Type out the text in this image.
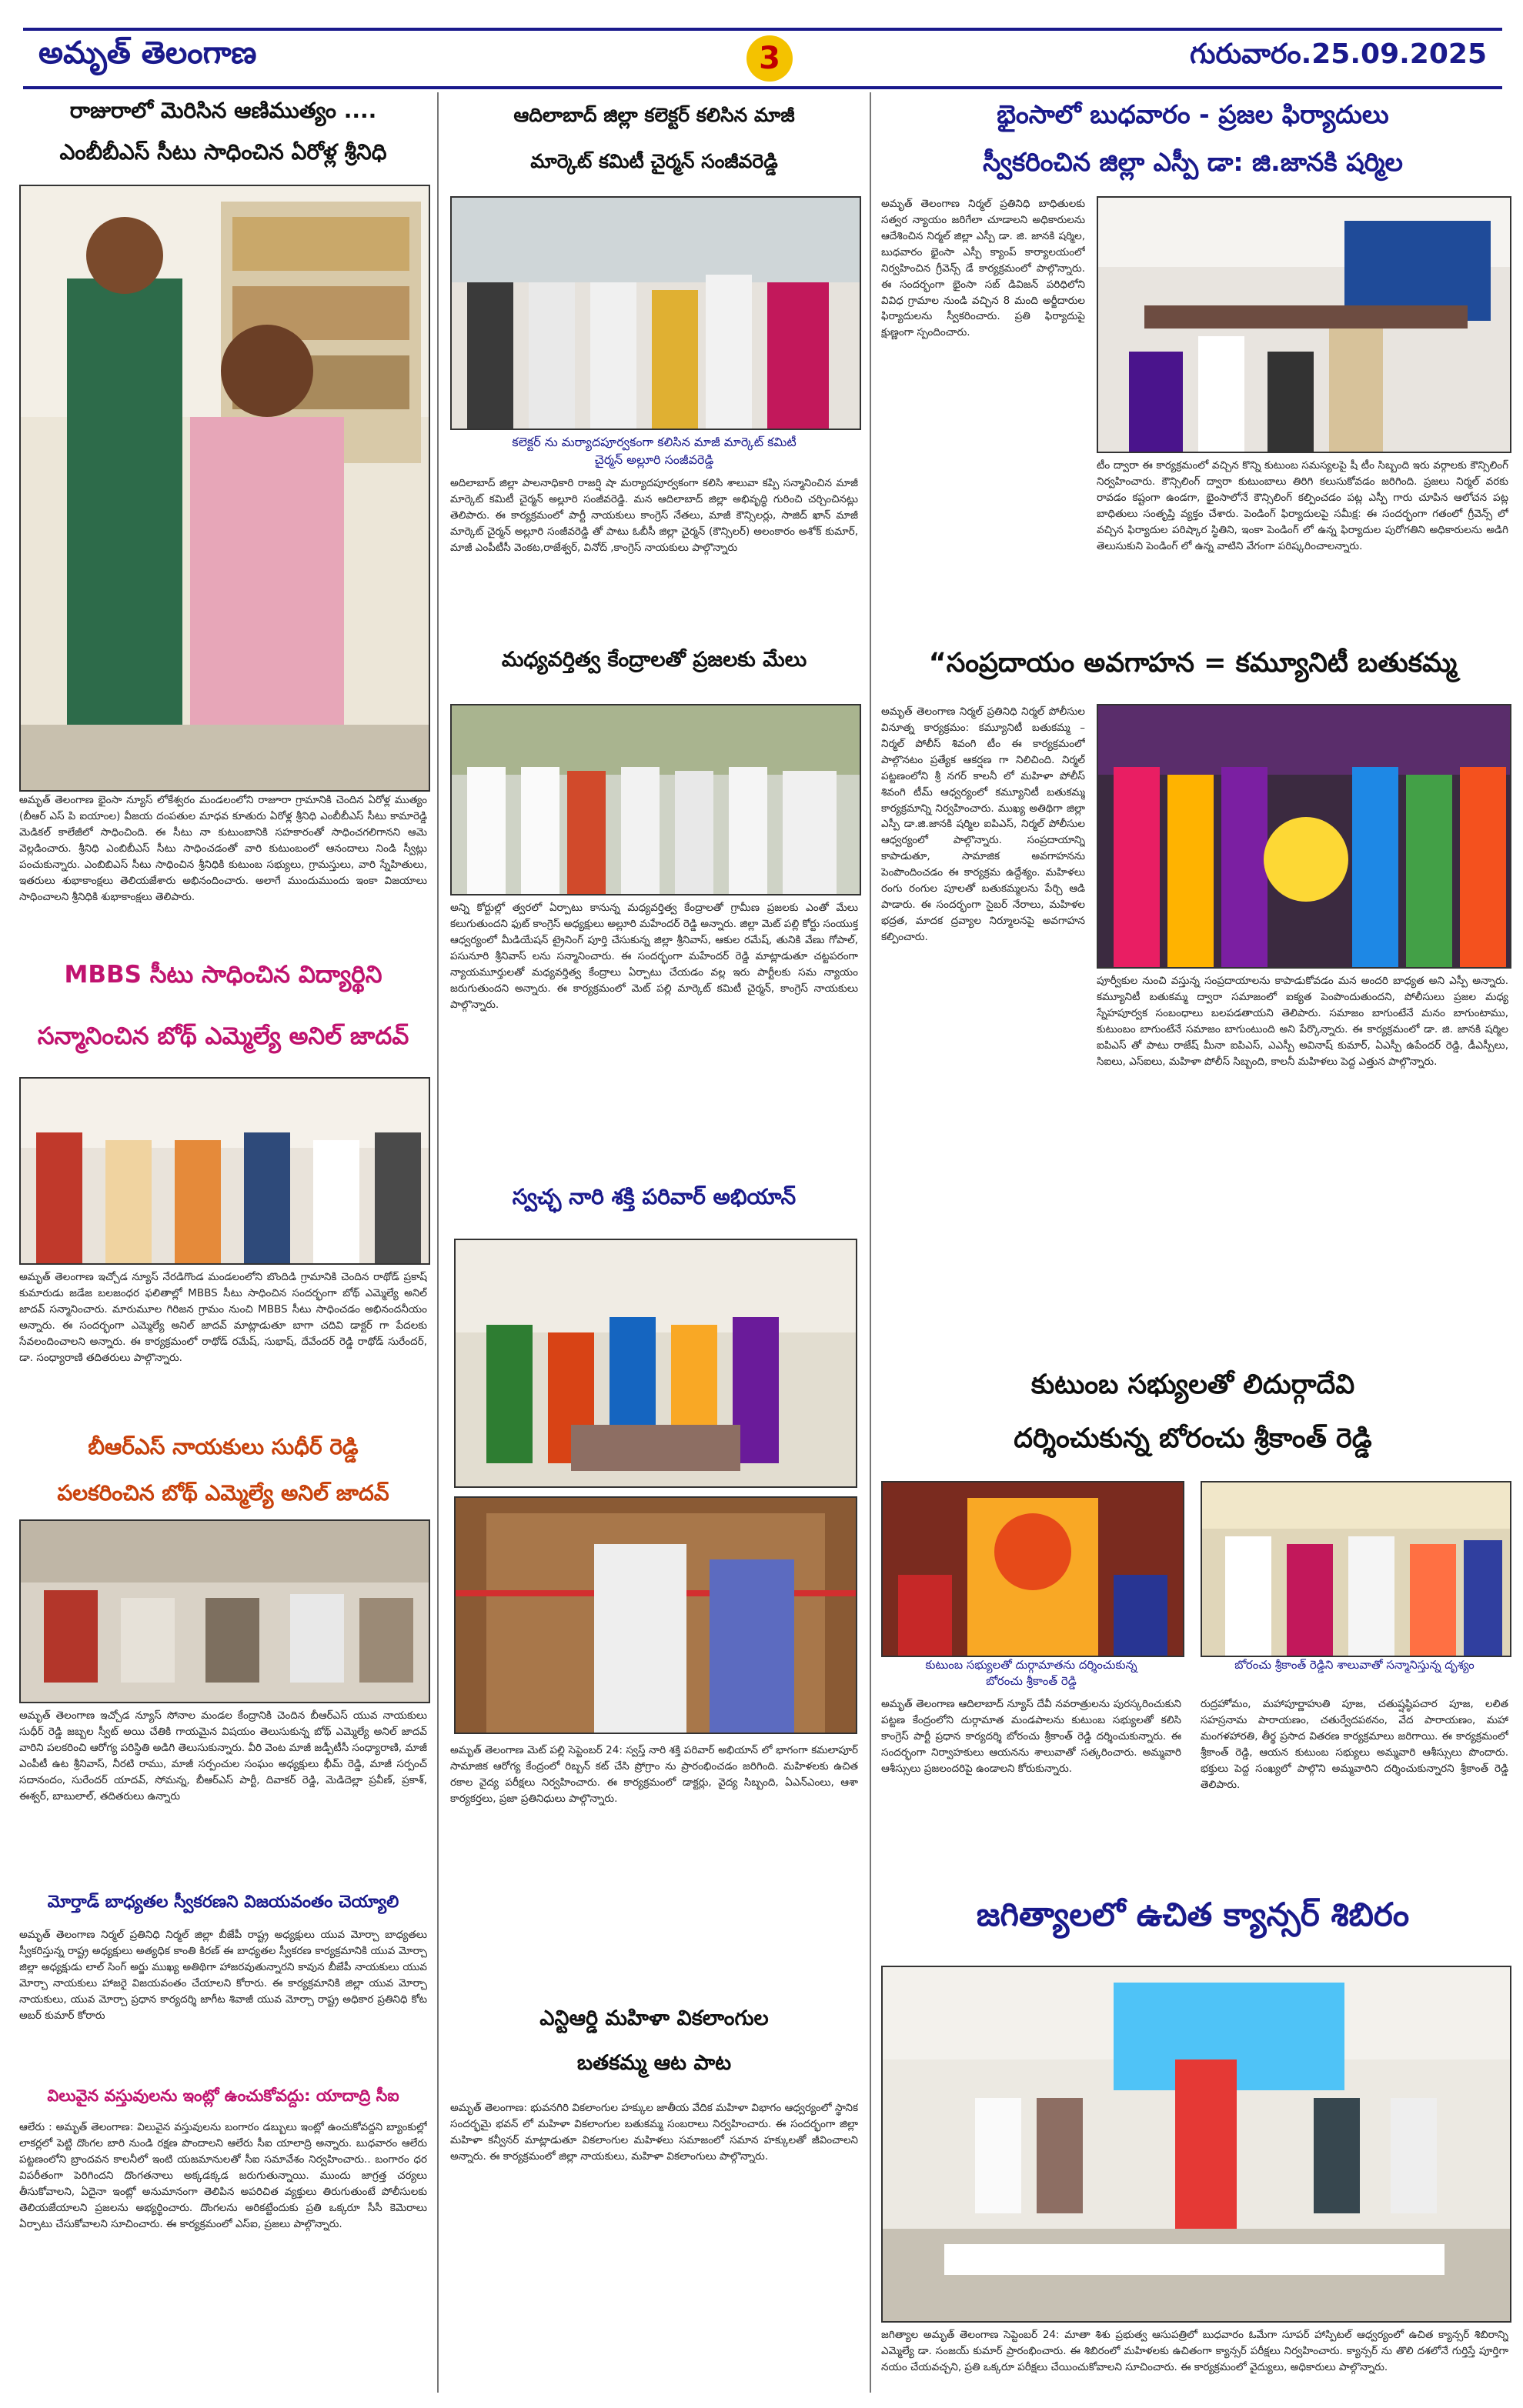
అమృత్ తెలంగాణ	3	గురువారం.25.09.2025
రాజురాలో మెరిసిన ఆణిముత్యం ....
ఎంబీబీఎస్ సీటు సాధించిన ఏరోళ్ల శ్రీనిధి
అమృత్ తెలంగాణ భైంసా న్యూస్ లోకేశ్వరం మండలంలోని రాజూరా గ్రామానికి చెందిన ఏరోళ్ల ముత్యం (బీఆర్ ఎస్ పి ఐయాంల) వీజయ దంపతుల మాధవ కూతురు ఏరోళ్ల శ్రీనిధి ఎంబీబీఎస్ సీటు కామారెడ్డి మెడికల్ కాలేజీలో సాధించింది. ఈ సీటు నా కుటుంబానికి సహకారంతో సాధించగలిగానని ఆమె వెల్లడించారు. శ్రీనిధి ఎంబిబీఎస్ సీటు సాధించడంతో వారి కుటుంబంలో ఆనందాలు నిండి స్వీట్లు పంచుకున్నారు. ఎంబిబిఎస్ సీటు సాధించిన శ్రీనిధికి కుటుంబ సభ్యులు, గ్రామస్తులు, వారి స్నేహితులు, ఇతరులు శుభాకాంక్షలు తెలియజేశారు అభినందించారు. అలాగే ముందుముందు ఇంకా విజయాలు సాధించాలని శ్రీనిధికి శుభాకాంక్షలు తెలిపారు.
MBBS సీటు సాధించిన విద్యార్థిని
సన్మానించిన బోథ్ ఎమ్మెల్యే అనిల్ జాదవ్
అమృత్ తెలంగాణ ఇచ్చోడ న్యూస్ నేరడిగొండ మండలంలోని బొందిడి గ్రామానికి చెందిన రాథోడ్ ప్రకాష్ కుమారుడు జడేజ బలజంధర ఫలితాల్లో MBBS సీటు సాధించిన సందర్భంగా బోథ్ ఎమ్మెల్యే అనిల్ జాదవ్ సన్మానించారు. మారుమూల గిరిజన గ్రామం నుంచి MBBS సీటు సాధించడం అభినందనీయం అన్నారు. ఈ సందర్భంగా ఎమ్మెల్యే అనిల్ జాదవ్ మాట్లాడుతూ బాగా చదివి డాక్టర్ గా పేదలకు సేవలందించాలని అన్నారు. ఈ కార్యక్రమంలో రాథోడ్ రమేష్, సుభాష్, దేవేందర్ రెడ్డి రాథోడ్ సురేందర్, డా. సంధ్యారాణి తదితరులు పాల్గొన్నారు.
బీఆర్ఎస్ నాయకులు సుధీర్ రెడ్డి
పలకరించిన బోథ్ ఎమ్మెల్యే అనిల్ జాదవ్
అమృత్ తెలంగాణ ఇచ్చోడ న్యూస్ సోనాల మండల కేంద్రానికి చెందిన బీఆర్ఎస్ యువ నాయకులు సుధీర్ రెడ్డి జబ్బల స్వీట్ అయి చేతికి గాయమైన విషయం తెలుసుకున్న బోథ్ ఎమ్మెల్యే అనిల్ జాదవ్ వారిని పలకరించి ఆరోగ్య పరిస్థితి అడిగి తెలుసుకున్నారు. వీరి వెంట మాజీ జడ్పీటీసీ సంధ్యారాణి, మాజీ ఎంపీటీ ఉట శ్రీనివాస్, నీరటి రాము, మాజీ సర్పంచుల సంఘం అధ్యక్షులు భీమ్ రెడ్డి, మాజీ సర్పంచ్ సదానందం, సురేందర్ యాదవ్, సోమన్న, బీఆర్ఎస్ పార్టీ, దివాకర్ రెడ్డి, మెడిదెల్లా ప్రవీణ్, ప్రకాశ్, ఈశ్వర్, బాబులాల్, తదితరులు ఉన్నారు
మోర్తాడ్ బాధ్యతల స్వీకరణని విజయవంతం చెయ్యాలి
అమృత్ తెలంగాణ నిర్మల్ ప్రతినిధి నిర్మల్ జిల్లా బీజేపీ రాష్ట్ర అధ్యక్షులు యువ మోర్చా బాధ్యతలు స్వీకరిస్తున్న రాష్ట్ర అధ్యక్షులు అత్యధిక కాంతి కిరణ్ ఈ బాధ్యతల స్వీకరణ కార్యక్రమానికి యువ మోర్చా జిల్లా అధ్యక్షుడు లాల్ సింగ్ అర్జు ముఖ్య అతిథిగా హాజరవుతున్నారని కావున బీజేపీ నాయకులు యువ మోర్చా నాయకులు హాజరై విజయవంతం చేయాలని కోరారు. ఈ కార్యక్రమానికి జిల్లా యువ మోర్చా నాయకులు, యువ మోర్చా ప్రధాన కార్యదర్శి జాగీట శివాజీ యువ మోర్చా రాష్ట్ర అధికార ప్రతినిధి కోట అబర్ కుమార్ కోరారు
విలువైన వస్తువులను ఇంట్లో ఉంచుకోవద్దు: యాదాద్రి సీఐ
ఆలేరు : అమృత్ తెలంగాణ: విలువైన వస్తువులను బంగారం డబ్బులు ఇంట్లో ఉంచుకోవద్దని బ్యాంకుల్లో లాకర్లలో పెట్టి దొంగల బారి నుండి రక్షణ పొందాలని ఆలేరు సీఐ యాలాద్రి అన్నారు. బుధవారం ఆలేరు పట్టణంలోని బ్రాందవన కాలనీలో ఇంటి యజమానులతో సీఐ సమావేశం నిర్వహించారు.. బంగారం ధర విపరీతంగా పెరిగిందని దొంగతనాలు అక్కడక్కడ జరుగుతున్నాయి. ముందు జాగ్రత్త చర్యలు తీసుకోవాలని, ఏదైనా ఇంట్లో అనుమానంగా తెలిపిన అపరిచిత వ్యక్తులు తిరుగుతుంటే పోలీసులకు తెలియజేయాలని ప్రజలను అభ్యర్థించారు. దొంగలను అరికట్టేందుకు ప్రతి ఒక్కరూ సీసీ కెమెరాలు ఏర్పాటు చేసుకోవాలని సూచించారు. ఈ కార్యక్రమంలో ఎస్ఐ, ప్రజలు పాల్గొన్నారు.
ఆదిలాబాద్ జిల్లా కలెక్టర్ కలిసిన మాజీ
మార్కెట్ కమిటీ చైర్మన్ సంజీవరెడ్డి
కలెక్టర్ ను మర్యాదపూర్వకంగా కలిసిన మాజీ మార్కెట్ కమిటీ
చైర్మన్ అల్లూరి సంజీవరెడ్డి
అదిలాబాద్ జిల్లా పాలనాధికారి రాజర్షి షా మర్యాదపూర్వకంగా కలిసి శాలువా కప్పి సన్మానించిన మాజీ మార్కెట్ కమిటీ చైర్మన్ అల్లూరి సంజీవరెడ్డి. మన ఆదిలాబాద్ జిల్లా అభివృద్ధి గురించి చర్చించినట్లు తెలిపారు. ఈ కార్యక్రమంలో పార్టీ నాయకులు కాంగ్రెస్ నేతలు, మాజీ కౌన్సిలర్లు, సాజిద్ ఖాన్ మాజీ మార్కెట్ చైర్మన్ అల్లూరి సంజీవరెడ్డి తో పాటు ఓబీసీ జిల్లా చైర్మన్ (కౌన్సిలర్) అలంకారం అశోక్ కుమార్, మాజీ ఎంపీటీసీ వెంకట,రాజేశ్వర్, వినోద్ ,కాంగ్రెస్ నాయకులు పాల్గొన్నారు
మధ్యవర్తిత్వ కేంద్రాలతో ప్రజలకు మేలు
అన్ని కోర్టుల్లో త్వరలో ఏర్పాటు కానున్న మధ్యవర్తిత్వ కేంద్రాలతో గ్రామీణ ప్రజలకు ఎంతో మేలు కలుగుతుందని ఫుట్ కాంగ్రెస్ అధ్యక్షులు అల్లూరి మహేందర్ రెడ్డి అన్నారు. జిల్లా మెట్ పల్లి కోర్టు సంయుక్త ఆధ్వర్యంలో మీడియేషన్ ట్రైనింగ్ పూర్తి చేసుకున్న జిల్లా శ్రీనివాస్, ఆకుల రమేష్, తునికి వేణు గోపాల్, పసునూరి శ్రీనివాస్ లను సన్మానించారు. ఈ సందర్భంగా మహేందర్ రెడ్డి మాట్లాడుతూ చట్టపరంగా న్యాయమూర్తులతో మధ్యవర్తిత్వ కేంద్రాలు ఏర్పాటు చేయడం వల్ల ఇరు పార్టీలకు సమ న్యాయం జరుగుతుందని అన్నారు. ఈ కార్యక్రమంలో మెట్ పల్లి మార్కెట్ కమిటీ చైర్మన్, కాంగ్రెస్ నాయకులు పాల్గొన్నారు.
స్వచ్ఛ నారి శక్తి పరివార్ అభియాన్
అమృత్ తెలంగాణ మెట్ పల్లి సెప్టెంబర్ 24: స్వస్త్ నారి శక్తి పరివార్ అభియాన్ లో భాగంగా కమలాపూర్ సామాజిక ఆరోగ్య కేంద్రంలో రిబ్బన్ కట్ చేసి ప్రోగ్రాం ను ప్రారంభించడం జరిగింది. మహిళలకు ఉచిత రకాల వైద్య పరీక్షలు నిర్వహించారు. ఈ కార్యక్రమంలో డాక్టర్లు, వైద్య సిబ్బంది, ఏఎన్ఎంలు, ఆశా కార్యకర్తలు, ప్రజా ప్రతినిధులు పాల్గొన్నారు.
ఎన్టిఆర్డి మహిళా వికలాంగుల
బతకమ్మ ఆట పాట
అమృత్ తెలంగాణ: భువనగిరి వికలాంగుల హక్కుల జాతీయ వేదిక మహిళా విభాగం ఆధ్వర్యంలో స్థానిక సందర్భమై భవన్ లో మహిళా వికలాంగుల బతుకమ్మ సంబరాలు నిర్వహించారు. ఈ సందర్భంగా జిల్లా మహిళా కన్వీనర్ మాట్లాడుతూ వికలాంగుల మహిళలు సమాజంలో సమాన హక్కులతో జీవించాలని అన్నారు. ఈ కార్యక్రమంలో జిల్లా నాయకులు, మహిళా వికలాంగులు పాల్గొన్నారు.
భైంసాలో బుధవారం - ప్రజల ఫిర్యాదులు
స్వీకరించిన జిల్లా ఎస్పీ డా: జి.జానకి షర్మిల
అమృత్ తెలంగాణ నిర్మల్ ప్రతినిధి బాధితులకు సత్వర న్యాయం జరిగేలా చూడాలని అధికారులను ఆదేశించిన నిర్మల్ జిల్లా ఎస్పీ డా. జి. జానకి షర్మిల, బుధవారం భైంసా ఎస్పీ క్యాంప్ కార్యాలయంలో నిర్వహించిన గ్రీవెన్స్ డే కార్యక్రమంలో పాల్గొన్నారు. ఈ సందర్భంగా భైంసా సబ్ డివిజన్ పరిధిలోని వివిధ గ్రామాల నుండి వచ్చిన 8 మంది అర్జీదారుల ఫిర్యాదులను స్వీకరించారు. ప్రతి ఫిర్యాదుపై క్షుణ్ణంగా స్పందించారు.
టీం ద్వారా ఈ కార్యక్రమంలో వచ్చిన కొన్ని కుటుంబ సమస్యలపై షీ టీం సిబ్బంది ఇరు వర్గాలకు కౌన్సిలింగ్ నిర్వహించారు. కౌన్సిలింగ్ ద్వారా కుటుంబాలు తిరిగి కలుసుకోవడం జరిగింది. ప్రజలు నిర్మల్ వరకు రావడం కష్టంగా ఉండగా, భైంసాలోనే కౌన్సిలింగ్ కల్పించడం పట్ల ఎస్పీ గారు చూపిన ఆలోచన పట్ల బాధితులు సంతృప్తి వ్యక్తం చేశారు. పెండింగ్ ఫిర్యాదులపై సమీక్ష: ఈ సందర్భంగా గతంలో గ్రీవెన్స్ లో వచ్చిన ఫిర్యాదుల పరిష్కార స్థితిని, ఇంకా పెండింగ్ లో ఉన్న ఫిర్యాదుల పురోగతిని అధికారులను అడిగి తెలుసుకుని పెండింగ్ లో ఉన్న వాటిని వేగంగా పరిష్కరించాలన్నారు.
“సంప్రదాయం అవగాహన = కమ్యూనిటీ బతుకమ్మ
అమృత్ తెలంగాణ నిర్మల్ ప్రతినిధి నిర్మల్ పోలీసుల వినూత్న కార్యక్రమం: కమ్యూనిటీ బతుకమ్మ – నిర్మల్ పోలీస్ శివంగి టీం ఈ కార్యక్రమంలో పాల్గొనటం ప్రత్యేక ఆకర్షణ గా నిలిచింది. నిర్మల్ పట్టణంలోని శ్రీ నగర్ కాలనీ లో మహిళా పోలీస్ శివంగి టీమ్ ఆధ్వర్యంలో కమ్యూనిటీ బతుకమ్మ కార్యక్రమాన్ని నిర్వహించారు. ముఖ్య అతిథిగా జిల్లా ఎస్పీ డా.జి.జానకి షర్మిల ఐపిఎస్, నిర్మల్ పోలీసుల ఆధ్వర్యంలో పాల్గొన్నారు. సంప్రదాయాన్ని కాపాడుతూ, సామాజిక అవగాహనను పెంపొందించడం ఈ కార్యక్రమ ఉద్దేశ్యం. మహిళలు రంగు రంగుల పూలతో బతుకమ్మలను పేర్చి ఆడి పాడారు. ఈ సందర్భంగా సైబర్ నేరాలు, మహిళల భద్రత, మాదక ద్రవ్యాల నిర్మూలనపై అవగాహన కల్పించారు.
పూర్వీకుల నుంచి వస్తున్న సంప్రదాయాలను కాపాడుకోవడం మన అందరి బాధ్యత అని ఎస్పీ అన్నారు. కమ్యూనిటీ బతుకమ్మ ద్వారా సమాజంలో ఐక్యత పెంపొందుతుందని, పోలీసులు ప్రజల మధ్య స్నేహపూర్వక సంబంధాలు బలపడతాయని తెలిపారు. సమాజం బాగుంటేనే మనం బాగుంటాము, కుటుంబం బాగుంటేనే సమాజం బాగుంటుంది అని పేర్కొన్నారు. ఈ కార్యక్రమంలో డా. జి. జానకి షర్మిల ఐపిఎస్ తో పాటు రాజేష్ మీనా ఐపిఎస్, ఎఎస్పీ అవినాష్ కుమార్, ఏఎస్పీ ఉపేందర్ రెడ్డి, డీఎస్పీలు, సిఐలు, ఎస్ఐలు, మహిళా పోలీస్ సిబ్బంది, కాలనీ మహిళలు పెద్ద ఎత్తున పాల్గొన్నారు.
కుటుంబ సభ్యులతో లిదుర్గాదేవి
దర్శించుకున్న బోరంచు శ్రీకాంత్ రెడ్డి
కుటుంబ సభ్యులతో దుర్గామాతను దర్శించుకున్న
బోరంచు శ్రీకాంత్ రెడ్డి
బోరంచు శ్రీకాంత్ రెడ్డిని శాలువాతో సన్మానిస్తున్న దృశ్యం
అమృత్ తెలంగాణ ఆదిలాబాద్ న్యూస్ దేవీ నవరాత్రులను పురస్కరించుకుని పట్టణ కేంద్రంలోని దుర్గామాత మండపాలను కుటుంబ సభ్యులతో కలిసి కాంగ్రెస్ పార్టీ ప్రధాన కార్యదర్శి బోరంచు శ్రీకాంత్ రెడ్డి దర్శించుకున్నారు. ఈ సందర్భంగా నిర్వాహకులు ఆయనను శాలువాతో సత్కరించారు. అమ్మవారి ఆశీస్సులు ప్రజలందరిపై ఉండాలని కోరుకున్నారు.
రుద్రహోమం, మహాపూర్ణాహుతి పూజ, చతుష్షష్ఠిపచార పూజ, లలిత సహస్రనామ పారాయణం, చతుర్వేదపఠనం, వేద పారాయణం, మహా మంగళహారతి, తీర్థ ప్రసాద వితరణ కార్యక్రమాలు జరిగాయి. ఈ కార్యక్రమంలో శ్రీకాంత్ రెడ్డి, ఆయన కుటుంబ సభ్యులు అమ్మవారి ఆశీస్సులు పొందారు. భక్తులు పెద్ద సంఖ్యలో పాల్గొని అమ్మవారిని దర్శించుకున్నారని శ్రీకాంత్ రెడ్డి తెలిపారు.
జగిత్యాలలో ఉచిత క్యాన్సర్ శిబిరం
జగిత్యాల అమృత్ తెలంగాణ సెప్టెంబర్ 24: మాతా శిశు ప్రభుత్వ ఆసుపత్రిలో బుధవారం ఓమేగా సూపర్ హాస్పిటల్ ఆధ్వర్యంలో ఉచిత క్యాన్సర్ శిబిరాన్ని ఎమ్మెల్యే డా. సంజయ్ కుమార్ ప్రారంభించారు. ఈ శిబిరంలో మహిళలకు ఉచితంగా క్యాన్సర్ పరీక్షలు నిర్వహించారు. క్యాన్సర్ ను తొలి దశలోనే గుర్తిస్తే పూర్తిగా నయం చేయవచ్చని, ప్రతి ఒక్కరూ పరీక్షలు చేయించుకోవాలని సూచించారు. ఈ కార్యక్రమంలో వైద్యులు, అధికారులు పాల్గొన్నారు.
